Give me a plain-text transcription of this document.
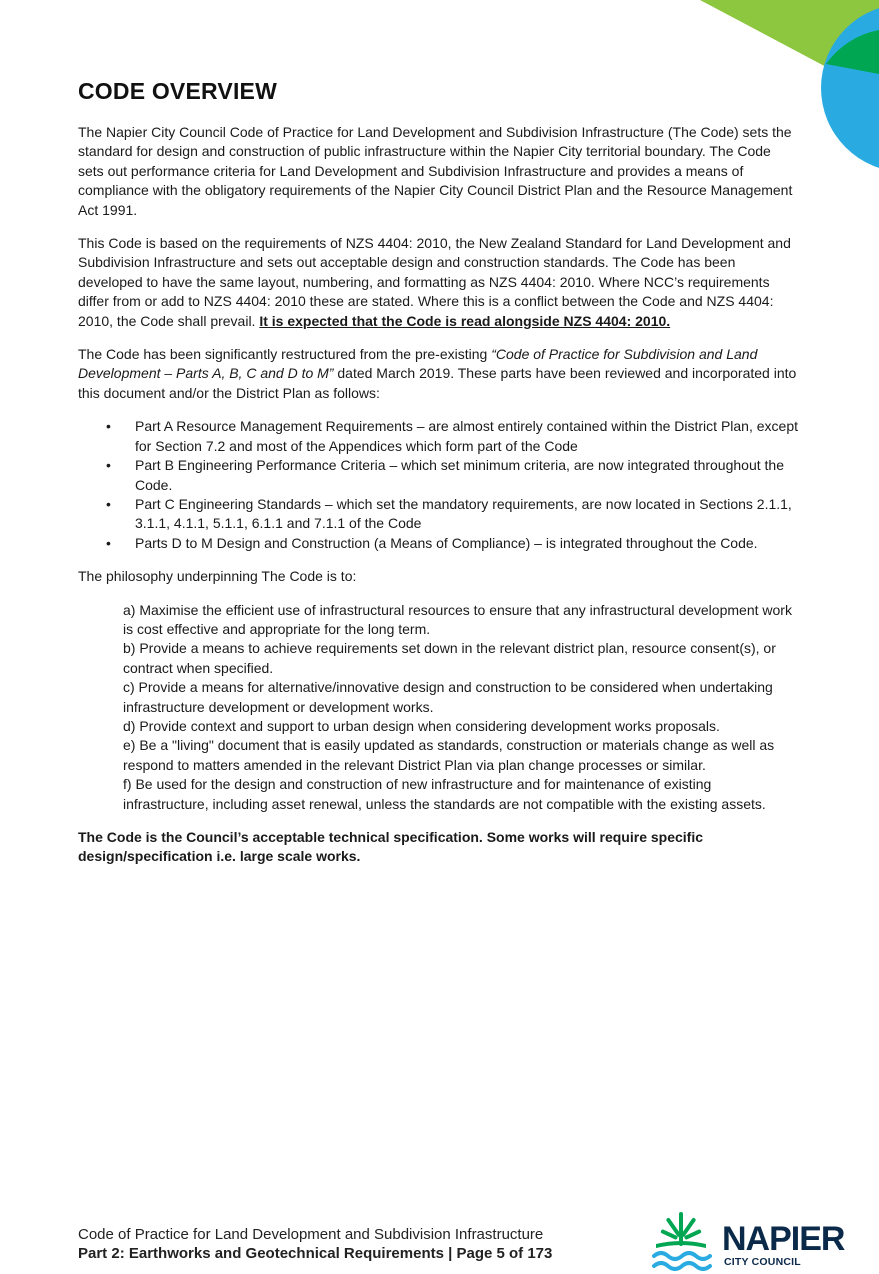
CODE OVERVIEW

The Napier City Council Code of Practice for Land Development and Subdivision Infrastructure (The Code) sets the standard for design and construction of public infrastructure within the Napier City territorial boundary. The Code sets out performance criteria for Land Development and Subdivision Infrastructure and provides a means of compliance with the obligatory requirements of the Napier City Council District Plan and the Resource Management Act 1991.

This Code is based on the requirements of NZS 4404: 2010, the New Zealand Standard for Land Development and Subdivision Infrastructure and sets out acceptable design and construction standards. The Code has been developed to have the same layout, numbering, and formatting as NZS 4404: 2010. Where NCC’s requirements differ from or add to NZS 4404: 2010 these are stated. Where this is a conflict between the Code and NZS 4404: 2010, the Code shall prevail. It is expected that the Code is read alongside NZS 4404: 2010.

The Code has been significantly restructured from the pre-existing “Code of Practice for Subdivision and Land Development – Parts A, B, C and D to M” dated March 2019. These parts have been reviewed and incorporated into this document and/or the District Plan as follows:

• Part A Resource Management Requirements – are almost entirely contained within the District Plan, except for Section 7.2 and most of the Appendices which form part of the Code
• Part B Engineering Performance Criteria – which set minimum criteria, are now integrated throughout the Code.
• Part C Engineering Standards – which set the mandatory requirements, are now located in Sections 2.1.1, 3.1.1, 4.1.1, 5.1.1, 6.1.1 and 7.1.1 of the Code
• Parts D to M Design and Construction (a Means of Compliance) – is integrated throughout the Code.

The philosophy underpinning The Code is to:

a) Maximise the efficient use of infrastructural resources to ensure that any infrastructural development work is cost effective and appropriate for the long term.
b) Provide a means to achieve requirements set down in the relevant district plan, resource consent(s), or contract when specified.
c) Provide a means for alternative/innovative design and construction to be considered when undertaking infrastructure development or development works.
d) Provide context and support to urban design when considering development works proposals.
e) Be a "living" document that is easily updated as standards, construction or materials change as well as respond to matters amended in the relevant District Plan via plan change processes or similar.
f) Be used for the design and construction of new infrastructure and for maintenance of existing infrastructure, including asset renewal, unless the standards are not compatible with the existing assets.

The Code is the Council’s acceptable technical specification. Some works will require specific design/specification i.e. large scale works.

Code of Practice for Land Development and Subdivision Infrastructure
Part 2: Earthworks and Geotechnical Requirements | Page 5 of 173	NAPIER
CITY COUNCIL
